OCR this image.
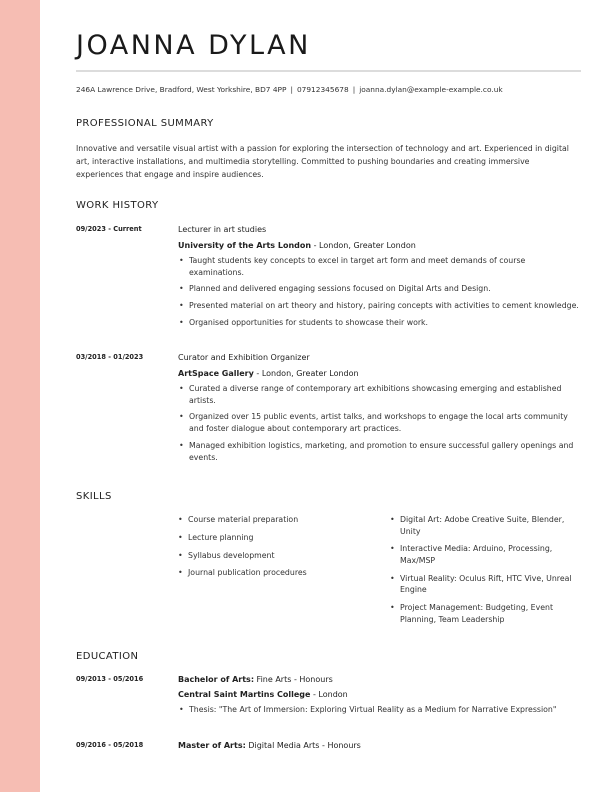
JOANNA DYLAN
246A Lawrence Drive, Bradford, West Yorkshire, BD7 4PP | 07912345678 | joanna.dylan@example-example.co.uk
PROFESSIONAL SUMMARY

Innovative and versatile visual artist with a passion for exploring the intersection of technology and art. Experienced in digital art, interactive installations, and multimedia storytelling. Committed to pushing boundaries and creating immersive experiences that engage and inspire audiences.

WORK HISTORY
09/2023 - Current	Lecturer in art studies

University of the Arts London - London, Greater London

• Taught students key concepts to excel in target art form and meet demands of course examinations.
• Planned and delivered engaging sessions focused on Digital Arts and Design.
• Presented material on art theory and history, pairing concepts with activities to cement knowledge.
• Organised opportunities for students to showcase their work.
03/2018 - 01/2023	Curator and Exhibition Organizer

ArtSpace Gallery - London, Greater London

• Curated a diverse range of contemporary art exhibitions showcasing emerging and established artists.
• Organized over 15 public events, artist talks, and workshops to engage the local arts community and foster dialogue about contemporary art practices.
• Managed exhibition logistics, marketing, and promotion to ensure successful gallery openings and events.
SKILLS
• Course material preparation
• Lecture planning
• Syllabus development
• Journal publication procedures
• Digital Art: Adobe Creative Suite, Blender, Unity
• Interactive Media: Arduino, Processing, Max/MSP
• Virtual Reality: Oculus Rift, HTC Vive, Unreal Engine
• Project Management: Budgeting, Event Planning, Team Leadership
EDUCATION
09/2013 - 05/2016	Bachelor of Arts: Fine Arts - Honours

Central Saint Martins College - London

• Thesis: "The Art of Immersion: Exploring Virtual Reality as a Medium for Narrative Expression"
09/2016 - 05/2018	Master of Arts: Digital Media Arts - Honours
